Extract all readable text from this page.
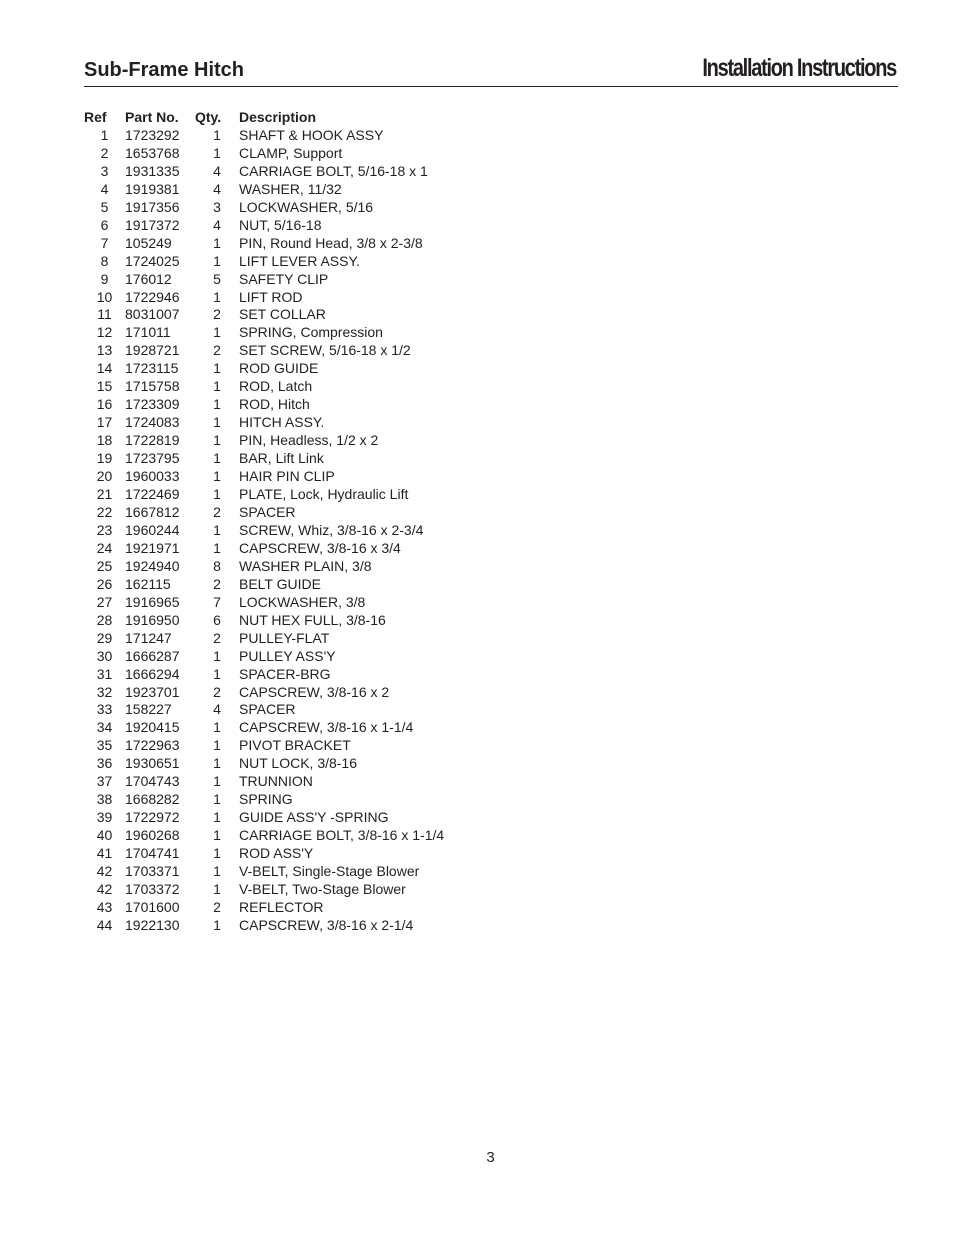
Sub-Frame Hitch	Installation Instructions
Ref	Part No.	Qty.	Description
1	1723292	1	SHAFT & HOOK ASSY
2	1653768	1	CLAMP, Support
3	1931335	4	CARRIAGE BOLT, 5/16-18 x 1
4	1919381	4	WASHER, 11/32
5	1917356	3	LOCKWASHER, 5/16
6	1917372	4	NUT, 5/16-18
7	105249	1	PIN, Round Head, 3/8 x 2-3/8
8	1724025	1	LIFT LEVER ASSY.
9	176012	5	SAFETY CLIP
10	1722946	1	LIFT ROD
11	8031007	2	SET COLLAR
12	171011	1	SPRING, Compression
13	1928721	2	SET SCREW, 5/16-18 x 1/2
14	1723115	1	ROD GUIDE
15	1715758	1	ROD, Latch
16	1723309	1	ROD, Hitch
17	1724083	1	HITCH ASSY.
18	1722819	1	PIN, Headless, 1/2 x 2
19	1723795	1	BAR, Lift Link
20	1960033	1	HAIR PIN CLIP
21	1722469	1	PLATE, Lock, Hydraulic Lift
22	1667812	2	SPACER
23	1960244	1	SCREW, Whiz, 3/8-16 x 2-3/4
24	1921971	1	CAPSCREW, 3/8-16 x 3/4
25	1924940	8	WASHER PLAIN, 3/8
26	162115	2	BELT GUIDE
27	1916965	7	LOCKWASHER, 3/8
28	1916950	6	NUT HEX FULL, 3/8-16
29	171247	2	PULLEY-FLAT
30	1666287	1	PULLEY ASS'Y
31	1666294	1	SPACER-BRG
32	1923701	2	CAPSCREW, 3/8-16 x 2
33	158227	4	SPACER
34	1920415	1	CAPSCREW, 3/8-16 x 1-1/4
35	1722963	1	PIVOT BRACKET
36	1930651	1	NUT LOCK, 3/8-16
37	1704743	1	TRUNNION
38	1668282	1	SPRING
39	1722972	1	GUIDE ASS'Y -SPRING
40	1960268	1	CARRIAGE BOLT, 3/8-16 x 1-1/4
41	1704741	1	ROD ASS'Y
42	1703371	1	V-BELT, Single-Stage Blower
42	1703372	1	V-BELT, Two-Stage Blower
43	1701600	2	REFLECTOR
44	1922130	1	CAPSCREW, 3/8-16 x 2-1/4
3
